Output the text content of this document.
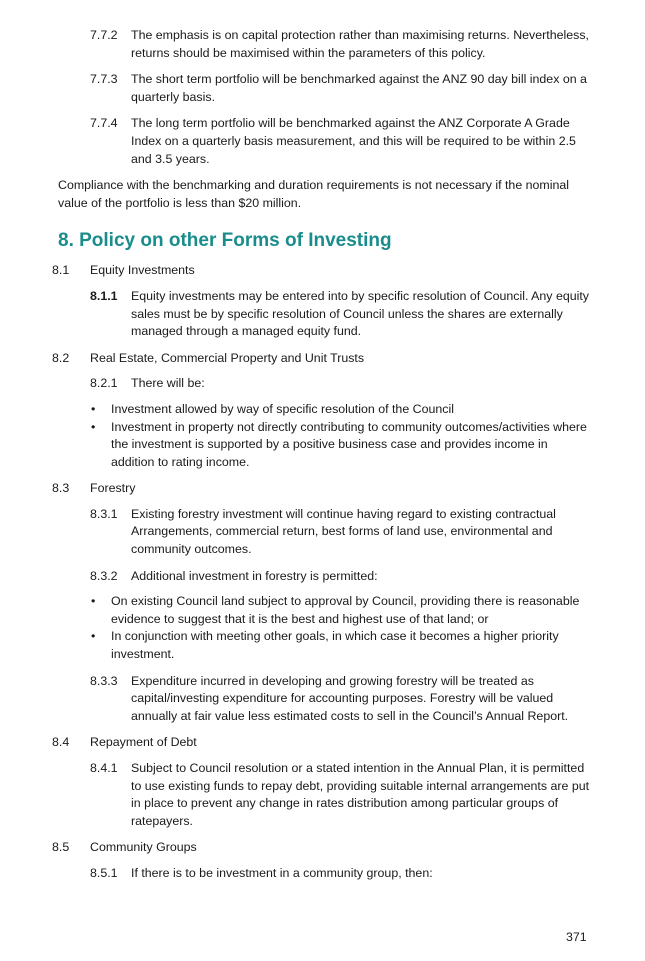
7.7.2	The emphasis is on capital protection rather than maximising returns. Nevertheless, returns should be maximised within the parameters of this policy.
7.7.3	The short term portfolio will be benchmarked against the ANZ 90 day bill index on a quarterly basis.
7.7.4	The long term portfolio will be benchmarked against the ANZ Corporate A Grade Index on a quarterly basis measurement, and this will be required to be within 2.5 and 3.5 years.
Compliance with the benchmarking and duration requirements is not necessary if the nominal value of the portfolio is less than $20 million.
8. Policy on other Forms of Investing
8.1	Equity Investments
8.1.1	Equity investments may be entered into by specific resolution of Council. Any equity sales must be by specific resolution of Council unless the shares are externally managed through a managed equity fund.
8.2	Real Estate, Commercial Property and Unit Trusts
8.2.1	There will be:
•	Investment allowed by way of specific resolution of the Council
•	Investment in property not directly contributing to community outcomes/activities where the investment is supported by a positive business case and provides income in addition to rating income.
8.3	Forestry
8.3.1	Existing forestry investment will continue having regard to existing contractual Arrangements, commercial return, best forms of land use, environmental and community outcomes.
8.3.2	Additional investment in forestry is permitted:
•	On existing Council land subject to approval by Council, providing there is reasonable evidence to suggest that it is the best and highest use of that land; or
•	In conjunction with meeting other goals, in which case it becomes a higher priority investment.
8.3.3	Expenditure incurred in developing and growing forestry will be treated as capital/investing expenditure for accounting purposes. Forestry will be valued annually at fair value less estimated costs to sell in the Council’s Annual Report.
8.4	Repayment of Debt
8.4.1	Subject to Council resolution or a stated intention in the Annual Plan, it is permitted to use existing funds to repay debt, providing suitable internal arrangements are put in place to prevent any change in rates distribution among particular groups of ratepayers.
8.5	Community Groups
8.5.1	If there is to be investment in a community group, then:
371
